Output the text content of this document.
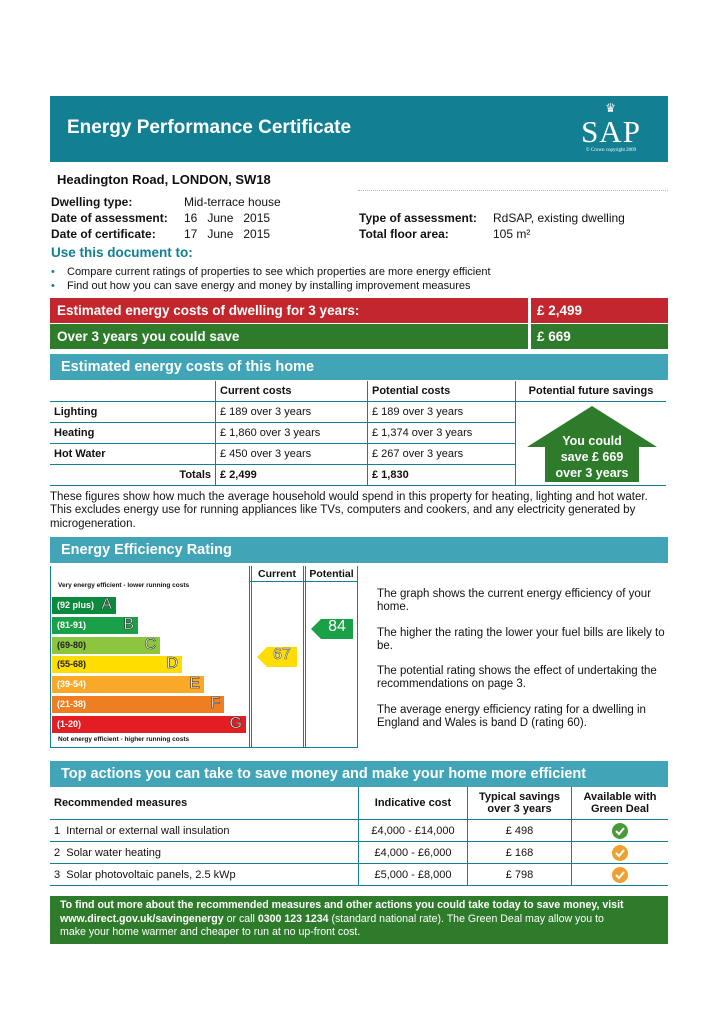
Energy Performance Certificate
♛
SAP
© Crown copyright 2009
Headington Road, LONDON, SW18
Dwelling type:	Mid-terrace house
Date of assessment: 16   June   2015
Date of certificate: 17   June   2015
Type of assessment: RdSAP, existing dwelling
Total floor area:	105 m²
Use this document to:
• Compare current ratings of properties to see which properties are more energy efficient
• Find out how you can save energy and money by installing improvement measures
Estimated energy costs of dwelling for 3 years:	£ 2,499
Over 3 years you could save	£ 669
Estimated energy costs of this home
	Current costs	Potential costs	Potential future savings
Lighting	£ 189 over 3 years	£ 189 over 3 years	
Heating	£ 1,860 over 3 years	£ 1,374 over 3 years	
Hot Water	£ 450 over 3 years	£ 267 over 3 years	
Totals	£ 2,499	£ 1,830	
You could
save £ 669
over 3 years
These figures show how much the average household would spend in this property for heating, lighting and hot water. This excludes energy use for running appliances like TVs, computers and cookers, and any electricity generated by microgeneration.
Energy Efficiency Rating
Current	Potential
Very energy efficient - lower running costs
Not energy efficient - higher running costs
(92 plus) A
(81-91) B
(69-80)	C
(55-68)	D
(39-54)	E
(21-38)	F
(1-20)	G
67
84
The graph shows the current energy efficiency of your home.
The higher the rating the lower your fuel bills are likely to be.
The potential rating shows the effect of undertaking the recommendations on page 3.
The average energy efficiency rating for a dwelling in England and Wales is band D (rating 60).
Top actions you can take to save money and make your home more efficient
Recommended measures	Indicative cost	Typical savings over 3 years	Available with Green Deal
1 Internal or external wall insulation	£4,000 - £14,000	£ 498	

2 Solar water heating	£4,000 - £6,000	£ 168	

3 Solar photovoltaic panels, 2.5 kWp	£5,000 - £8,000	£ 798	
To find out more about the recommended measures and other actions you could take today to save money, visit
www.direct.gov.uk/savingenergy or call 0300 123 1234 (standard national rate). The Green Deal may allow you to
make your home warmer and cheaper to run at no up-front cost.
